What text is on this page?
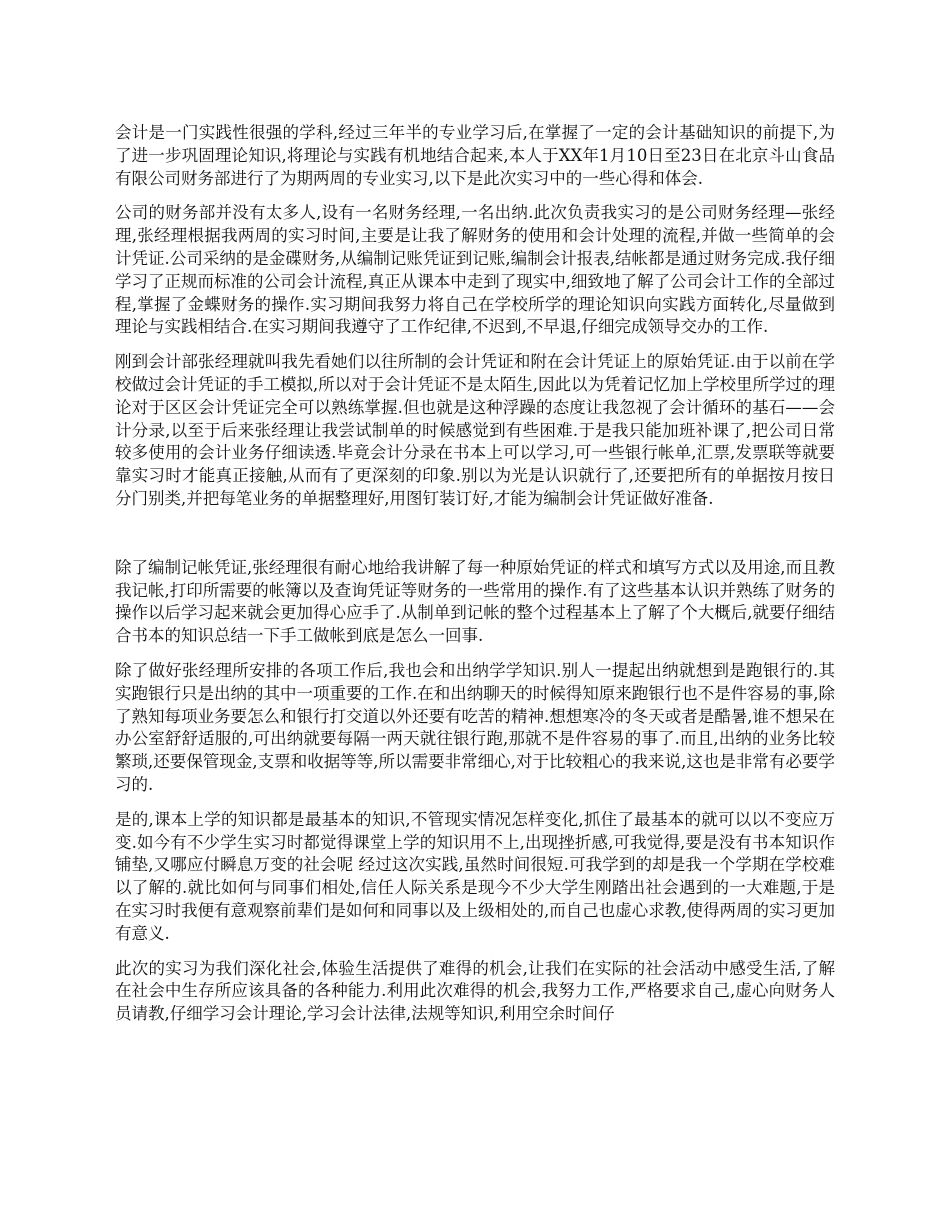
会计是一门实践性很强的学科,经过三年半的专业学习后,在掌握了一定的会计基础知识的前提下,为了进一步巩固理论知识,将理论与实践有机地结合起来,本人于XX年1月10日至23日在北京斗山食品有限公司财务部进行了为期两周的专业实习,以下是此次实习中的一些心得和体会.

公司的财务部并没有太多人,设有一名财务经理,一名出纳.此次负责我实习的是公司财务经理—张经理,张经理根据我两周的实习时间,主要是让我了解财务的使用和会计处理的流程,并做一些简单的会计凭证.公司采纳的是金碟财务,从编制记账凭证到记账,编制会计报表,结帐都是通过财务完成.我仔细学习了正规而标准的公司会计流程,真正从课本中走到了现实中,细致地了解了公司会计工作的全部过程,掌握了金蝶财务的操作.实习期间我努力将自己在学校所学的理论知识向实践方面转化,尽量做到理论与实践相结合.在实习期间我遵守了工作纪律,不迟到,不早退,仔细完成领导交办的工作.

刚到会计部张经理就叫我先看她们以往所制的会计凭证和附在会计凭证上的原始凭证.由于以前在学校做过会计凭证的手工模拟,所以对于会计凭证不是太陌生,因此以为凭着记忆加上学校里所学过的理论对于区区会计凭证完全可以熟练掌握.但也就是这种浮躁的态度让我忽视了会计循环的基石——会计分录,以至于后来张经理让我尝试制单的时候感觉到有些困难.于是我只能加班补课了,把公司日常较多使用的会计业务仔细读透.毕竟会计分录在书本上可以学习,可一些银行帐单,汇票,发票联等就要靠实习时才能真正接触,从而有了更深刻的印象.别以为光是认识就行了,还要把所有的单据按月按日分门别类,并把每笔业务的单据整理好,用图钉装订好,才能为编制会计凭证做好准备.

除了编制记帐凭证,张经理很有耐心地给我讲解了每一种原始凭证的样式和填写方式以及用途,而且教我记帐,打印所需要的帐簿以及查询凭证等财务的一些常用的操作.有了这些基本认识并熟练了财务的操作以后学习起来就会更加得心应手了.从制单到记帐的整个过程基本上了解了个大概后,就要仔细结合书本的知识总结一下手工做帐到底是怎么一回事.

除了做好张经理所安排的各项工作后,我也会和出纳学学知识.别人一提起出纳就想到是跑银行的.其实跑银行只是出纳的其中一项重要的工作.在和出纳聊天的时候得知原来跑银行也不是件容易的事,除了熟知每项业务要怎么和银行打交道以外还要有吃苦的精神.想想寒冷的冬天或者是酷暑,谁不想呆在办公室舒舒适服的,可出纳就要每隔一两天就往银行跑,那就不是件容易的事了.而且,出纳的业务比较繁琐,还要保管现金,支票和收据等等,所以需要非常细心,对于比较粗心的我来说,这也是非常有必要学习的.

是的,课本上学的知识都是最基本的知识,不管现实情况怎样变化,抓住了最基本的就可以以不变应万变.如今有不少学生实习时都觉得课堂上学的知识用不上,出现挫折感,可我觉得,要是没有书本知识作铺垫,又哪应付瞬息万变的社会呢 经过这次实践,虽然时间很短.可我学到的却是我一个学期在学校难以了解的.就比如何与同事们相处,信任人际关系是现今不少大学生刚踏出社会遇到的一大难题,于是在实习时我便有意观察前辈们是如何和同事以及上级相处的,而自己也虚心求教,使得两周的实习更加有意义.

此次的实习为我们深化社会,体验生活提供了难得的机会,让我们在实际的社会活动中感受生活,了解在社会中生存所应该具备的各种能力.利用此次难得的机会,我努力工作,严格要求自己,虚心向财务人员请教,仔细学习会计理论,学习会计法律,法规等知识,利用空余时间仔
